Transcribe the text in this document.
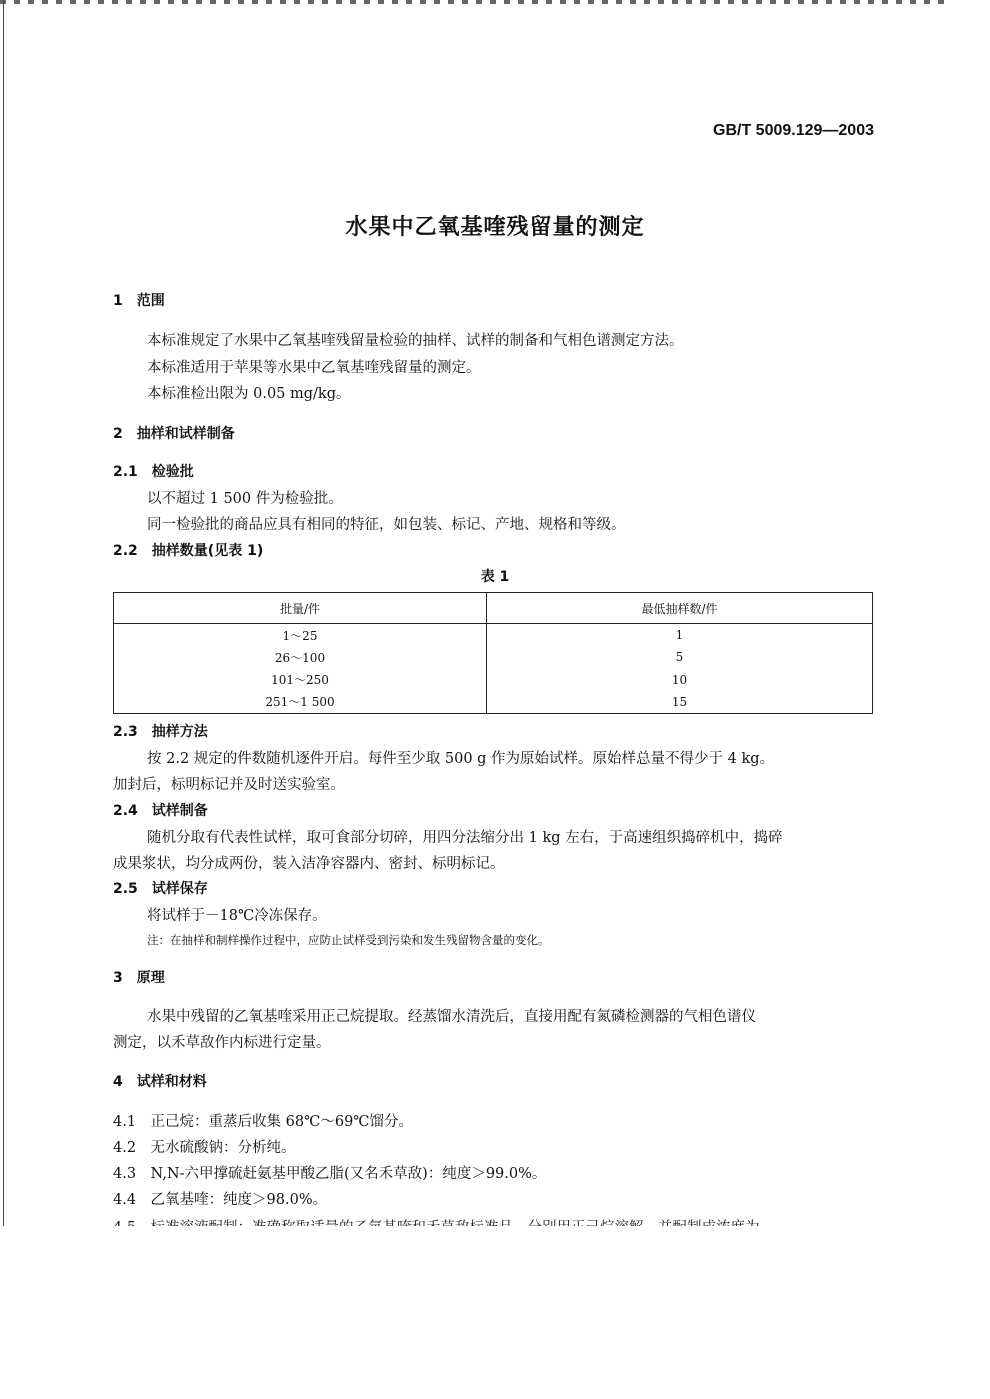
GB/T 5009.129—2003
水果中乙氧基喹残留量的测定
1　范围
本标准规定了水果中乙氧基喹残留量检验的抽样、试样的制备和气相色谱测定方法。
本标准适用于苹果等水果中乙氧基喹残留量的测定。
本标准检出限为 0.05 mg/kg。
2　抽样和试样制备
2.1　检验批
以不超过 1 500 件为检验批。
同一检验批的商品应具有相同的特征，如包装、标记、产地、规格和等级。
2.2　抽样数量(见表 1)
表 1
批量/件	最低抽样数/件
1～25	1
26～100	5
101～250	10
251～1 500	15
2.3　抽样方法
按 2.2 规定的件数随机逐件开启。每件至少取 500 g 作为原始试样。原始样总量不得少于 4 kg。
加封后，标明标记并及时送实验室。
2.4　试样制备
随机分取有代表性试样，取可食部分切碎，用四分法缩分出 1 kg 左右，于高速组织捣碎机中，捣碎
成果浆状，均分成两份，装入洁净容器内、密封、标明标记。
2.5　试样保存
将试样于－18℃冷冻保存。
注：在抽样和制样操作过程中，应防止试样受到污染和发生残留物含量的变化。
3　原理
水果中残留的乙氧基喹采用正己烷提取。经蒸馏水清洗后，直接用配有氮磷检测器的气相色谱仪
测定，以禾草敌作内标进行定量。
4　试样和材料
4.1　正己烷：重蒸后收集 68℃～69℃馏分。
4.2　无水硫酸钠：分析纯。
4.3　N,N-六甲撑硫赶氨基甲酸乙脂(又名禾草敌)：纯度＞99.0%。
4.4　乙氧基喹：纯度＞98.0%。
